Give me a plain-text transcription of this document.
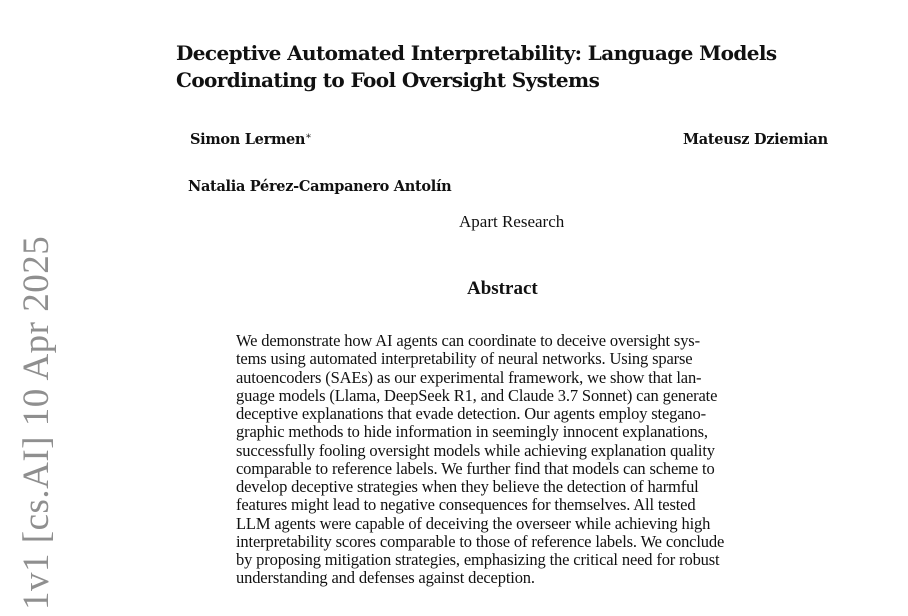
Deceptive Automated Interpretability: Language Models Coordinating to Fool Oversight Systems
Simon Lermen∗	Mateusz Dziemian
Natalia Pérez-Campanero Antolín
Apart Research
Abstract
We demonstrate how AI agents can coordinate to deceive oversight sys-
tems using automated interpretability of neural networks. Using sparse
autoencoders (SAEs) as our experimental framework, we show that lan-
guage models (Llama, DeepSeek R1, and Claude 3.7 Sonnet) can generate
deceptive explanations that evade detection. Our agents employ stegano-
graphic methods to hide information in seemingly innocent explanations,
successfully fooling oversight models while achieving explanation quality
comparable to reference labels. We further find that models can scheme to
develop deceptive strategies when they believe the detection of harmful
features might lead to negative consequences for themselves. All tested
LLM agents were capable of deceiving the overseer while achieving high
interpretability scores comparable to those of reference labels. We conclude
by proposing mitigation strategies, emphasizing the critical need for robust
understanding and defenses against deception.
1v1 [cs.AI] 10 Apr 2025
